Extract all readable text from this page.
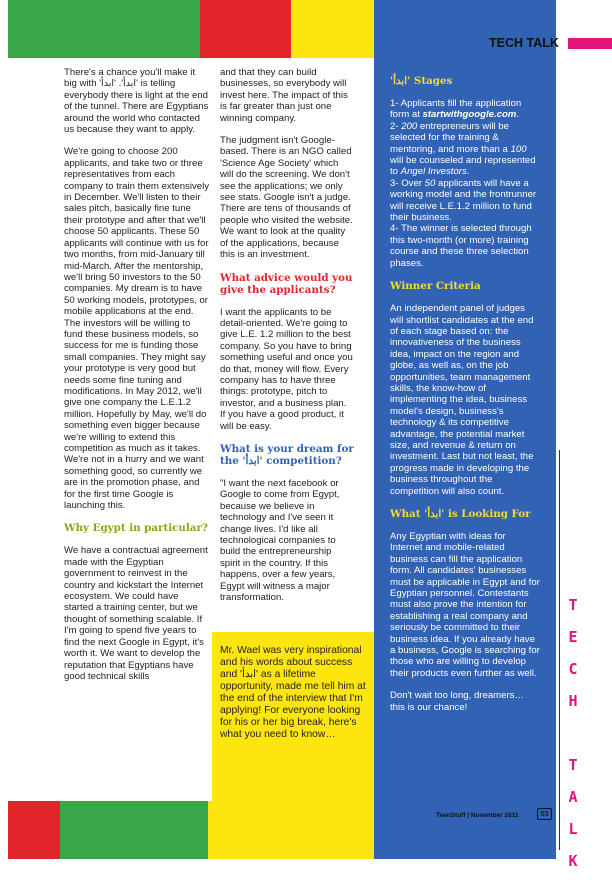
TECH TALK
T
E
C
H
T
A
L
K

There's a chance you'll make it big with 'ابدأ'. 'ابدأ' is telling everybody there is light at the end of the tunnel. There are Egyptians around the world who contacted us because they want to apply.

We're going to choose 200 applicants, and take two or three representatives from each company to train them extensively in December. We'll listen to their sales pitch, basically fine tune their prototype and after that we'll choose 50 applicants. These 50 applicants will continue with us for two months, from mid-January till mid-March. After the mentorship, we'll bring 50 investors to the 50 companies. My dream is to have 50 working models, prototypes, or mobile applications at the end. The investors will be willing to fund these business models, so success for me is funding those small companies. They might say your prototype is very good but needs some fine tuning and modifications. In May 2012, we'll give one company the L.E.1.2 million. Hopefully by May, we'll do something even bigger because we're willing to extend this competition as much as it takes. We're not in a hurry and we want something good, so currently we are in the promotion phase, and for the first time Google is launching this.

Why Egypt in particular?

We have a contractual agreement made with the Egyptian government to reinvest in the country and kickstart the Internet ecosystem. We could have started a training center, but we thought of something scalable. If I'm going to spend five years to find the next Google in Egypt, it's worth it. We want to develop the reputation that Egyptians have good technical skills

and that they can build businesses, so everybody will invest here. The impact of this is far greater than just one winning company.

The judgment isn't Google-based. There is an NGO called 'Science Age Society' which will do the screening. We don't see the applications; we only see stats. Google isn't a judge. There are tens of thousands of people who visited the website. We want to look at the quality of the applications, because this is an investment.

What advice would you give the applicants?

I want the applicants to be detail-oriented. We're going to give L.E. 1.2 million to the best company. So you have to bring something useful and once you do that, money will flow. Every company has to have three things: prototype, pitch to investor, and a business plan. If you have a good product, it will be easy.

What is your dream for the 'ابدأ' competition?

"I want the next facebook or Google to come from Egypt, because we believe in technology and I've seen it change lives. I'd like all technological companies to build the entrepreneurship spirit in the country. If this happens, over a few years, Egypt will witness a major transformation.

Mr. Wael was very inspirational and his words about success and 'ابدأ' as a lifetime opportunity, made me tell him at the end of the interview that I'm applying! For everyone looking for his or her big break, here's what you need to know…
'ابدأ' Stages

1- Applicants fill the application form at startwithgoogle.com.
2- 200 entrepreneurs will be selected for the training & mentoring, and more than a 100 will be counseled and represented to Angel Investors.
3- Over 50 applicants will have a working model and the frontrunner will receive L.E.1.2 million to fund their business.
4- The winner is selected through this two-month (or more) training course and these three selection phases.

Winner Criteria

An independent panel of judges will shortlist candidates at the end of each stage based on: the innovativeness of the business idea, impact on the region and globe, as well as, on the job opportunities, team management skills, the know-how of implementing the idea, business model's design, business's technology & its competitive advantage, the potential market size, and revenue & return on investment. Last but not least, the progress made in developing the business throughout the competition will also count.

What 'ابدأ' is Looking For

Any Egyptian with ideas for Internet and mobile-related business can fill the application form. All candidates' businesses must be applicable in Egypt and for Egyptian personnel. Contestants must also prove the intention for establishing a real company and seriously be committed to their business idea. If you already have a business, Google is searching for those who are willing to develop their products even further as well.

Don't wait too long, dreamers… this is our chance!

TeenStuff | November 2011	53
